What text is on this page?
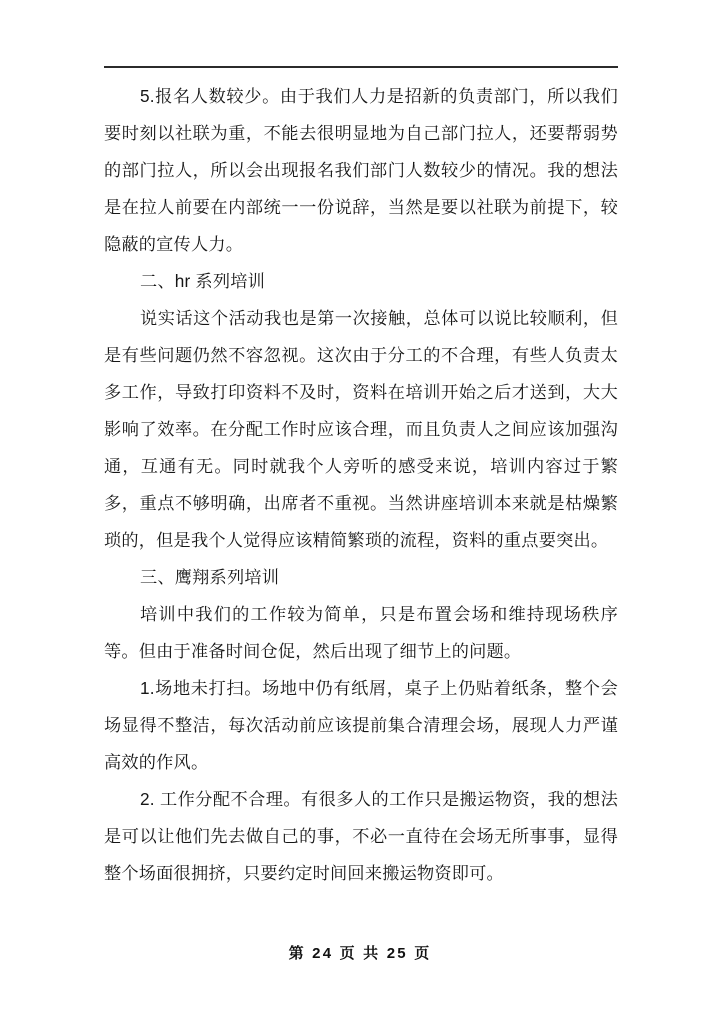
5.报名人数较少。由于我们人力是招新的负责部门，所以我们要时刻以社联为重，不能去很明显地为自己部门拉人，还要帮弱势的部门拉人，所以会出现报名我们部门人数较少的情况。我的想法是在拉人前要在内部统一一份说辞，当然是要以社联为前提下，较隐蔽的宣传人力。

二、hr 系列培训

说实话这个活动我也是第一次接触，总体可以说比较顺利，但是有些问题仍然不容忽视。这次由于分工的不合理，有些人负责太多工作，导致打印资料不及时，资料在培训开始之后才送到，大大影响了效率。在分配工作时应该合理，而且负责人之间应该加强沟通，互通有无。同时就我个人旁听的感受来说，培训内容过于繁多，重点不够明确，出席者不重视。当然讲座培训本来就是枯燥繁琐的，但是我个人觉得应该精简繁琐的流程，资料的重点要突出。

三、鹰翔系列培训

培训中我们的工作较为简单，只是布置会场和维持现场秩序等。但由于准备时间仓促，然后出现了细节上的问题。

1.场地未打扫。场地中仍有纸屑，桌子上仍贴着纸条，整个会场显得不整洁，每次活动前应该提前集合清理会场，展现人力严谨高效的作风。

2. 工作分配不合理。有很多人的工作只是搬运物资，我的想法是可以让他们先去做自己的事，不必一直待在会场无所事事，显得整个场面很拥挤，只要约定时间回来搬运物资即可。

第 24 页 共 25 页
